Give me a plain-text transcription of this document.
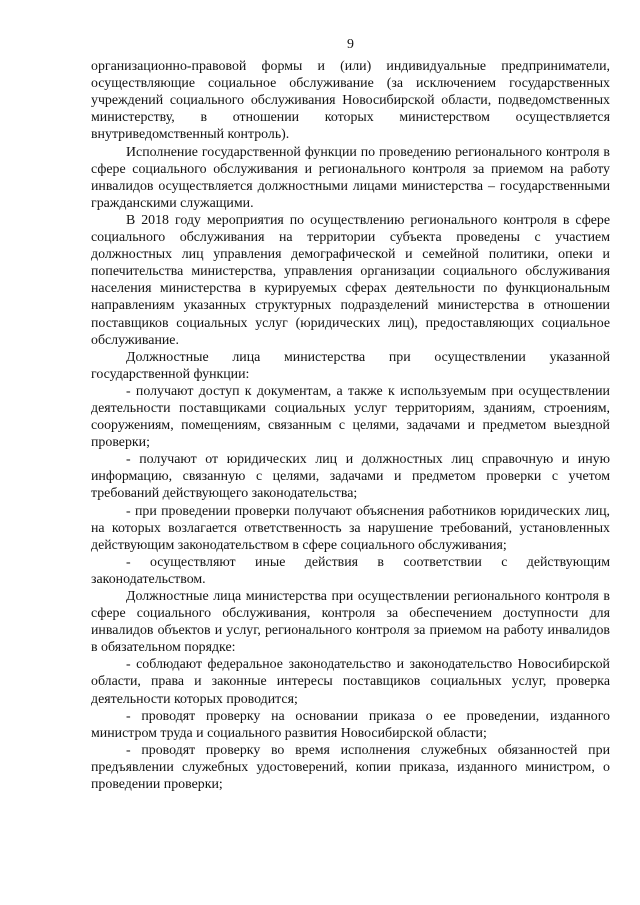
9

организационно-правовой формы и (или) индивидуальные предприниматели, осуществляющие социальное обслуживание (за исключением государственных учреждений социального обслуживания Новосибирской области, подведомственных министерству, в отношении которых министерством осуществляется внутриведомственный контроль).

Исполнение государственной функции по проведению регионального контроля в сфере социального обслуживания и регионального контроля за приемом на работу инвалидов осуществляется должностными лицами министерства – государственными гражданскими служащими.

В 2018 году мероприятия по осуществлению регионального контроля в сфере социального обслуживания на территории субъекта проведены с участием должностных лиц управления демографической и семейной политики, опеки и попечительства министерства, управления организации социального обслуживания населения министерства в курируемых сферах деятельности по функциональным направлениям указанных структурных подразделений министерства в отношении поставщиков социальных услуг (юридических лиц), предоставляющих социальное обслуживание.

Должностные лица министерства при осуществлении указанной государственной функции:

- получают доступ к документам, а также к используемым при осуществлении деятельности поставщиками социальных услуг территориям, зданиям, строениям, сооружениям, помещениям, связанным с целями, задачами и предметом выездной проверки;

- получают от юридических лиц и должностных лиц справочную и иную информацию, связанную с целями, задачами и предметом проверки с учетом требований действующего законодательства;

- при проведении проверки получают объяснения работников юридических лиц, на которых возлагается ответственность за нарушение требований, установленных действующим законодательством в сфере социального обслуживания;

- осуществляют иные действия в соответствии с действующим законодательством.

Должностные лица министерства при осуществлении регионального контроля в сфере социального обслуживания, контроля за обеспечением доступности для инвалидов объектов и услуг, регионального контроля за приемом на работу инвалидов в обязательном порядке:

- соблюдают федеральное законодательство и законодательство Новосибирской области, права и законные интересы поставщиков социальных услуг, проверка деятельности которых проводится;

- проводят проверку на основании приказа о ее проведении, изданного министром труда и социального развития Новосибирской области;

- проводят проверку во время исполнения служебных обязанностей при предъявлении служебных удостоверений, копии приказа, изданного министром, о проведении проверки;
